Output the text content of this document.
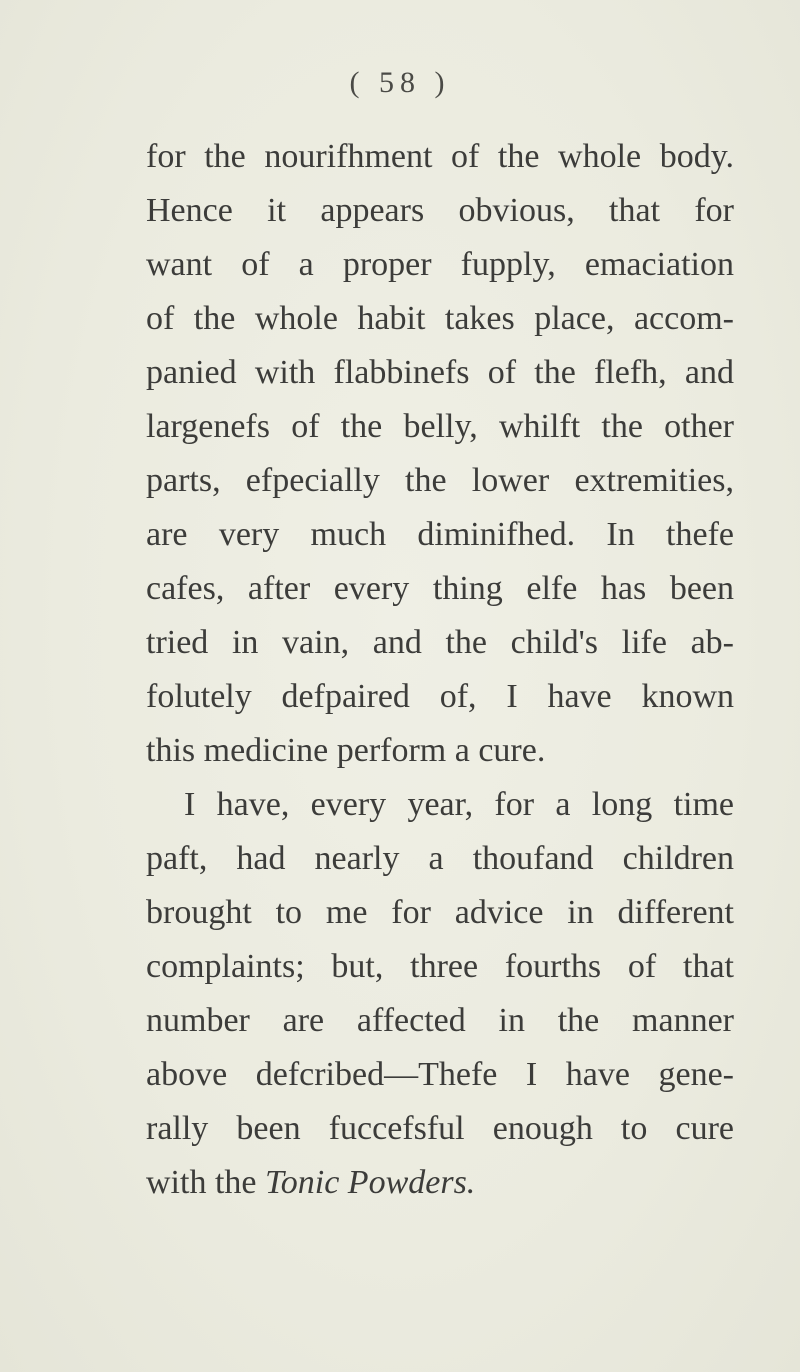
( 58 )
for the nourifhment of the whole body.
Hence it appears obvious, that for
want of a proper fupply, emaciation
of the whole habit takes place, accom-
panied with flabbinefs of the flefh, and
largenefs of the belly, whilft the other
parts, efpecially the lower extremities,
are very much diminifhed. In thefe
cafes, after every thing elfe has been
tried in vain, and the child's life ab-
folutely defpaired of, I have known
this medicine perform a cure.
I have, every year, for a long time
paft, had nearly a thoufand children
brought to me for advice in different
complaints; but, three fourths of that
number are affected in the manner
above defcribed—Thefe I have gene-
rally been fuccefsful enough to cure
with the Tonic Powders.
